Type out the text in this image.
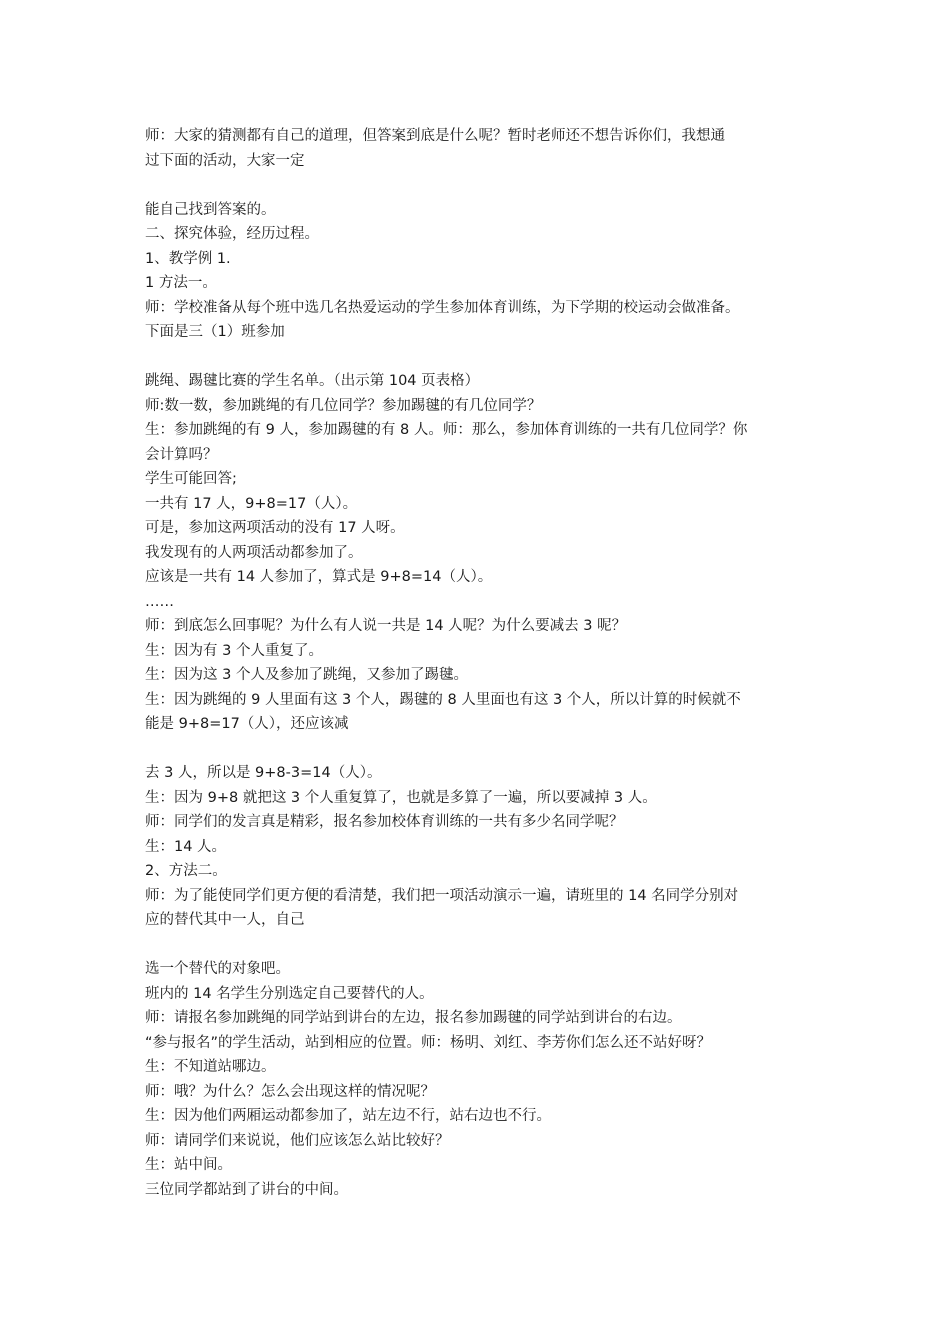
师：大家的猜测都有自己的道理，但答案到底是什么呢？暂时老师还不想告诉你们，我想通
过下面的活动，大家一定
能自己找到答案的。
二、探究体验，经历过程。
1、教学例 1.
1 方法一。
师：学校准备从每个班中选几名热爱运动的学生参加体育训练，为下学期的校运动会做准备。
下面是三（1）班参加
跳绳、踢毽比赛的学生名单。（出示第 104 页表格）
师:数一数，参加跳绳的有几位同学？参加踢毽的有几位同学？
生：参加跳绳的有 9 人，参加踢毽的有 8 人。师：那么，参加体育训练的一共有几位同学？你
会计算吗？
学生可能回答;
一共有 17 人，9+8=17（人）。
可是，参加这两项活动的没有 17 人呀。
我发现有的人两项活动都参加了。
应该是一共有 14 人参加了，算式是 9+8=14（人）。
……
师：到底怎么回事呢？为什么有人说一共是 14 人呢？为什么要减去 3 呢？
生：因为有 3 个人重复了。
生：因为这 3 个人及参加了跳绳，又参加了踢毽。
生：因为跳绳的 9 人里面有这 3 个人，踢毽的 8 人里面也有这 3 个人，所以计算的时候就不
能是 9+8=17（人），还应该减
去 3 人，所以是 9+8-3=14（人）。
生：因为 9+8 就把这 3 个人重复算了，也就是多算了一遍，所以要减掉 3 人。
师：同学们的发言真是精彩，报名参加校体育训练的一共有多少名同学呢？
生：14 人。
2、方法二。
师：为了能使同学们更方便的看清楚，我们把一项活动演示一遍，请班里的 14 名同学分别对
应的替代其中一人，自己
选一个替代的对象吧。
班内的 14 名学生分别选定自己要替代的人。
师：请报名参加跳绳的同学站到讲台的左边，报名参加踢毽的同学站到讲台的右边。
“参与报名”的学生活动，站到相应的位置。师：杨明、刘红、李芳你们怎么还不站好呀？
生：不知道站哪边。
师：哦？为什么？怎么会出现这样的情况呢？
生：因为他们两厢运动都参加了，站左边不行，站右边也不行。
师：请同学们来说说，他们应该怎么站比较好？
生：站中间。
三位同学都站到了讲台的中间。
